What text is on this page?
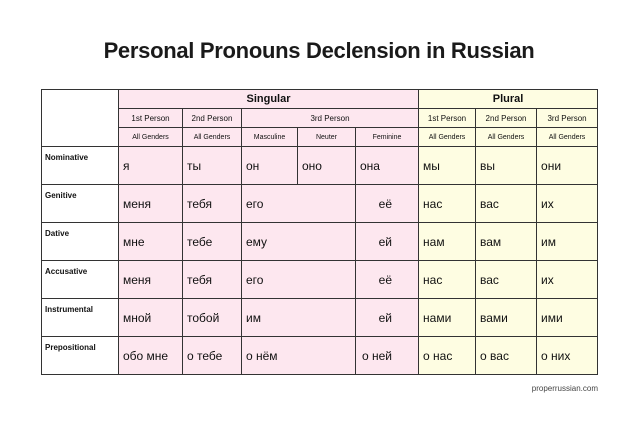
Personal Pronouns Declension in Russian
	Singular					Plural		
	1st Person	2nd Person	3rd Person			1st Person	2nd Person	3rd Person
	All Genders	All Genders	Masculine	Neuter	Feminine	All Genders	All Genders	All Genders
Nominative	я	ты	он	оно	она	мы	вы	они
Genitive	меня	тебя	его		её	нас	вас	их
Dative	мне	тебе	ему		ей	нам	вам	им
Accusative	меня	тебя	его		её	нас	вас	их
Instrumental	мной	тобой	им		ей	нами	вами	ими
Prepositional	обо мне	о тебе	о нём		о ней	о нас	о вас	о них
properrussian.com
